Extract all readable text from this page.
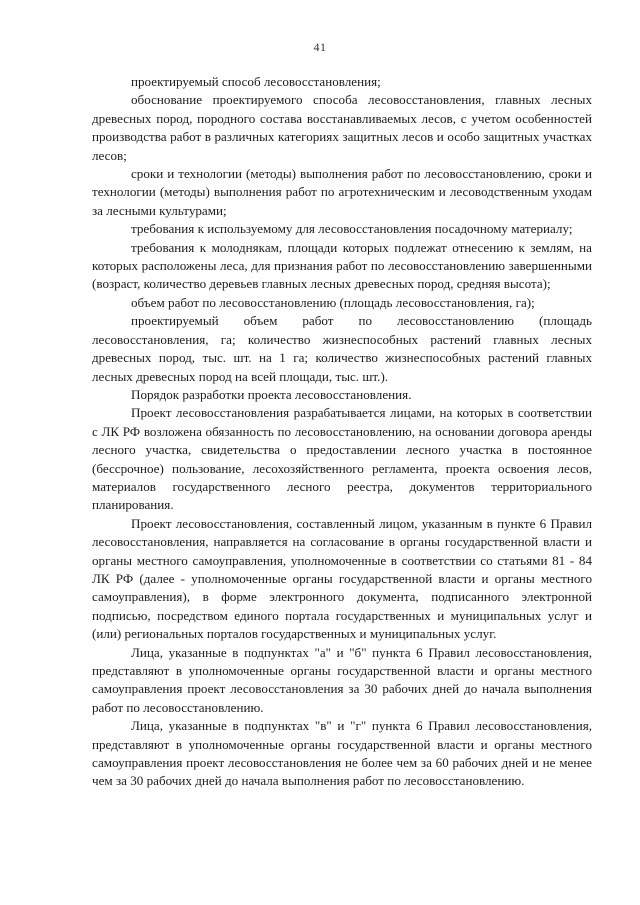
41

проектируемый способ лесовосстановления;

обоснование проектируемого способа лесовосстановления, главных лесных древесных пород, породного состава восстанавливаемых лесов, с учетом особенностей производства работ в различных категориях защитных лесов и особо защитных участках лесов;

сроки и технологии (методы) выполнения работ по лесовосстановлению, сроки и технологии (методы) выполнения работ по агротехническим и лесоводственным уходам за лесными культурами;

требования к используемому для лесовосстановления посадочному материалу;

требования к молоднякам, площади которых подлежат отнесению к землям, на которых расположены леса, для признания работ по лесовосстановлению завершенными (возраст, количество деревьев главных лесных древесных пород, средняя высота);

объем работ по лесовосстановлению (площадь лесовосстановления, га);

проектируемый объем работ по лесовосстановлению (площадь лесовосстановления, га; количество жизнеспособных растений главных лесных древесных пород, тыс. шт. на 1 га; количество жизнеспособных растений главных лесных древесных пород на всей площади, тыс. шт.).

Порядок разработки проекта лесовосстановления.

Проект лесовосстановления разрабатывается лицами, на которых в соответствии с ЛК РФ возложена обязанность по лесовосстановлению, на основании договора аренды лесного участка, свидетельства о предоставлении лесного участка в постоянное (бессрочное) пользование, лесохозяйственного регламента, проекта освоения лесов, материалов государственного лесного реестра, документов территориального планирования.

Проект лесовосстановления, составленный лицом, указанным в пункте 6 Правил лесовосстановления, направляется на согласование в органы государственной власти и органы местного самоуправления, уполномоченные в соответствии со статьями 81 - 84 ЛК РФ (далее - уполномоченные органы государственной власти и органы местного самоуправления), в форме электронного документа, подписанного электронной подписью, посредством единого портала государственных и муниципальных услуг и (или) региональных порталов государственных и муниципальных услуг.

Лица, указанные в подпунктах "а" и "б" пункта 6 Правил лесовосстановления, представляют в уполномоченные органы государственной власти и органы местного самоуправления проект лесовосстановления за 30 рабочих дней до начала выполнения работ по лесовосстановлению.

Лица, указанные в подпунктах "в" и "г" пункта 6 Правил лесовосстановления, представляют в уполномоченные органы государственной власти и органы местного самоуправления проект лесовосстановления не более чем за 60 рабочих дней и не менее чем за 30 рабочих дней до начала выполнения работ по лесовосстановлению.
